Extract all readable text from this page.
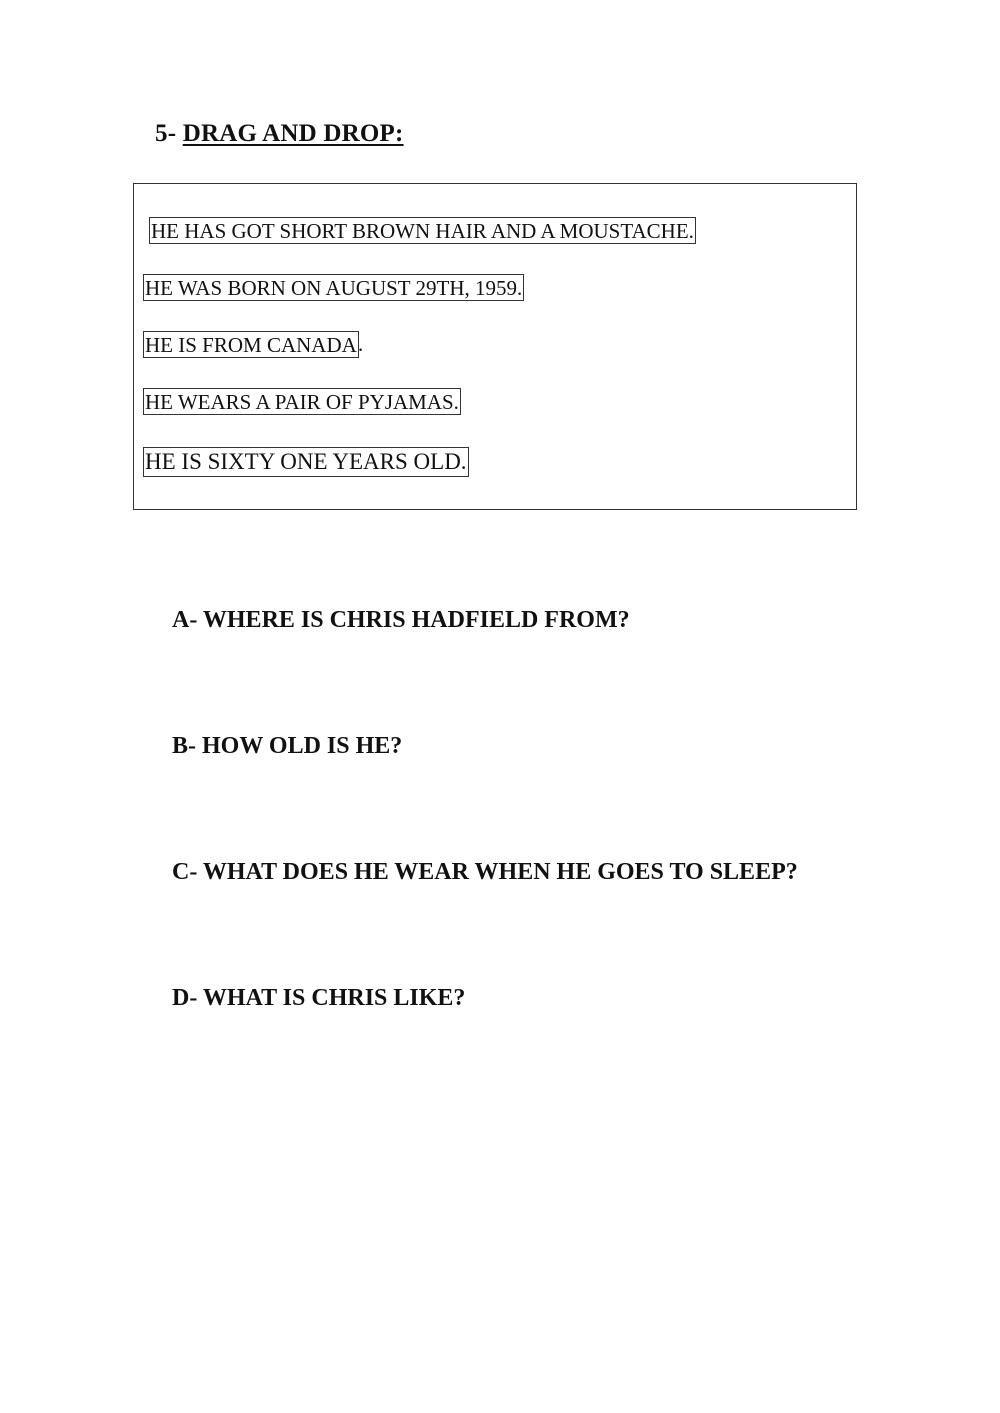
5- DRAG AND DROP:
HE HAS GOT SHORT BROWN HAIR AND A MOUSTACHE.
HE WAS BORN ON AUGUST 29TH, 1959.
HE IS FROM CANADA .
HE WEARS A PAIR OF PYJAMAS.
HE IS SIXTY ONE YEARS OLD.

A- WHERE IS CHRIS HADFIELD FROM?

B- HOW OLD IS HE?

C- WHAT DOES HE WEAR WHEN HE GOES TO SLEEP?

D- WHAT IS CHRIS LIKE?
